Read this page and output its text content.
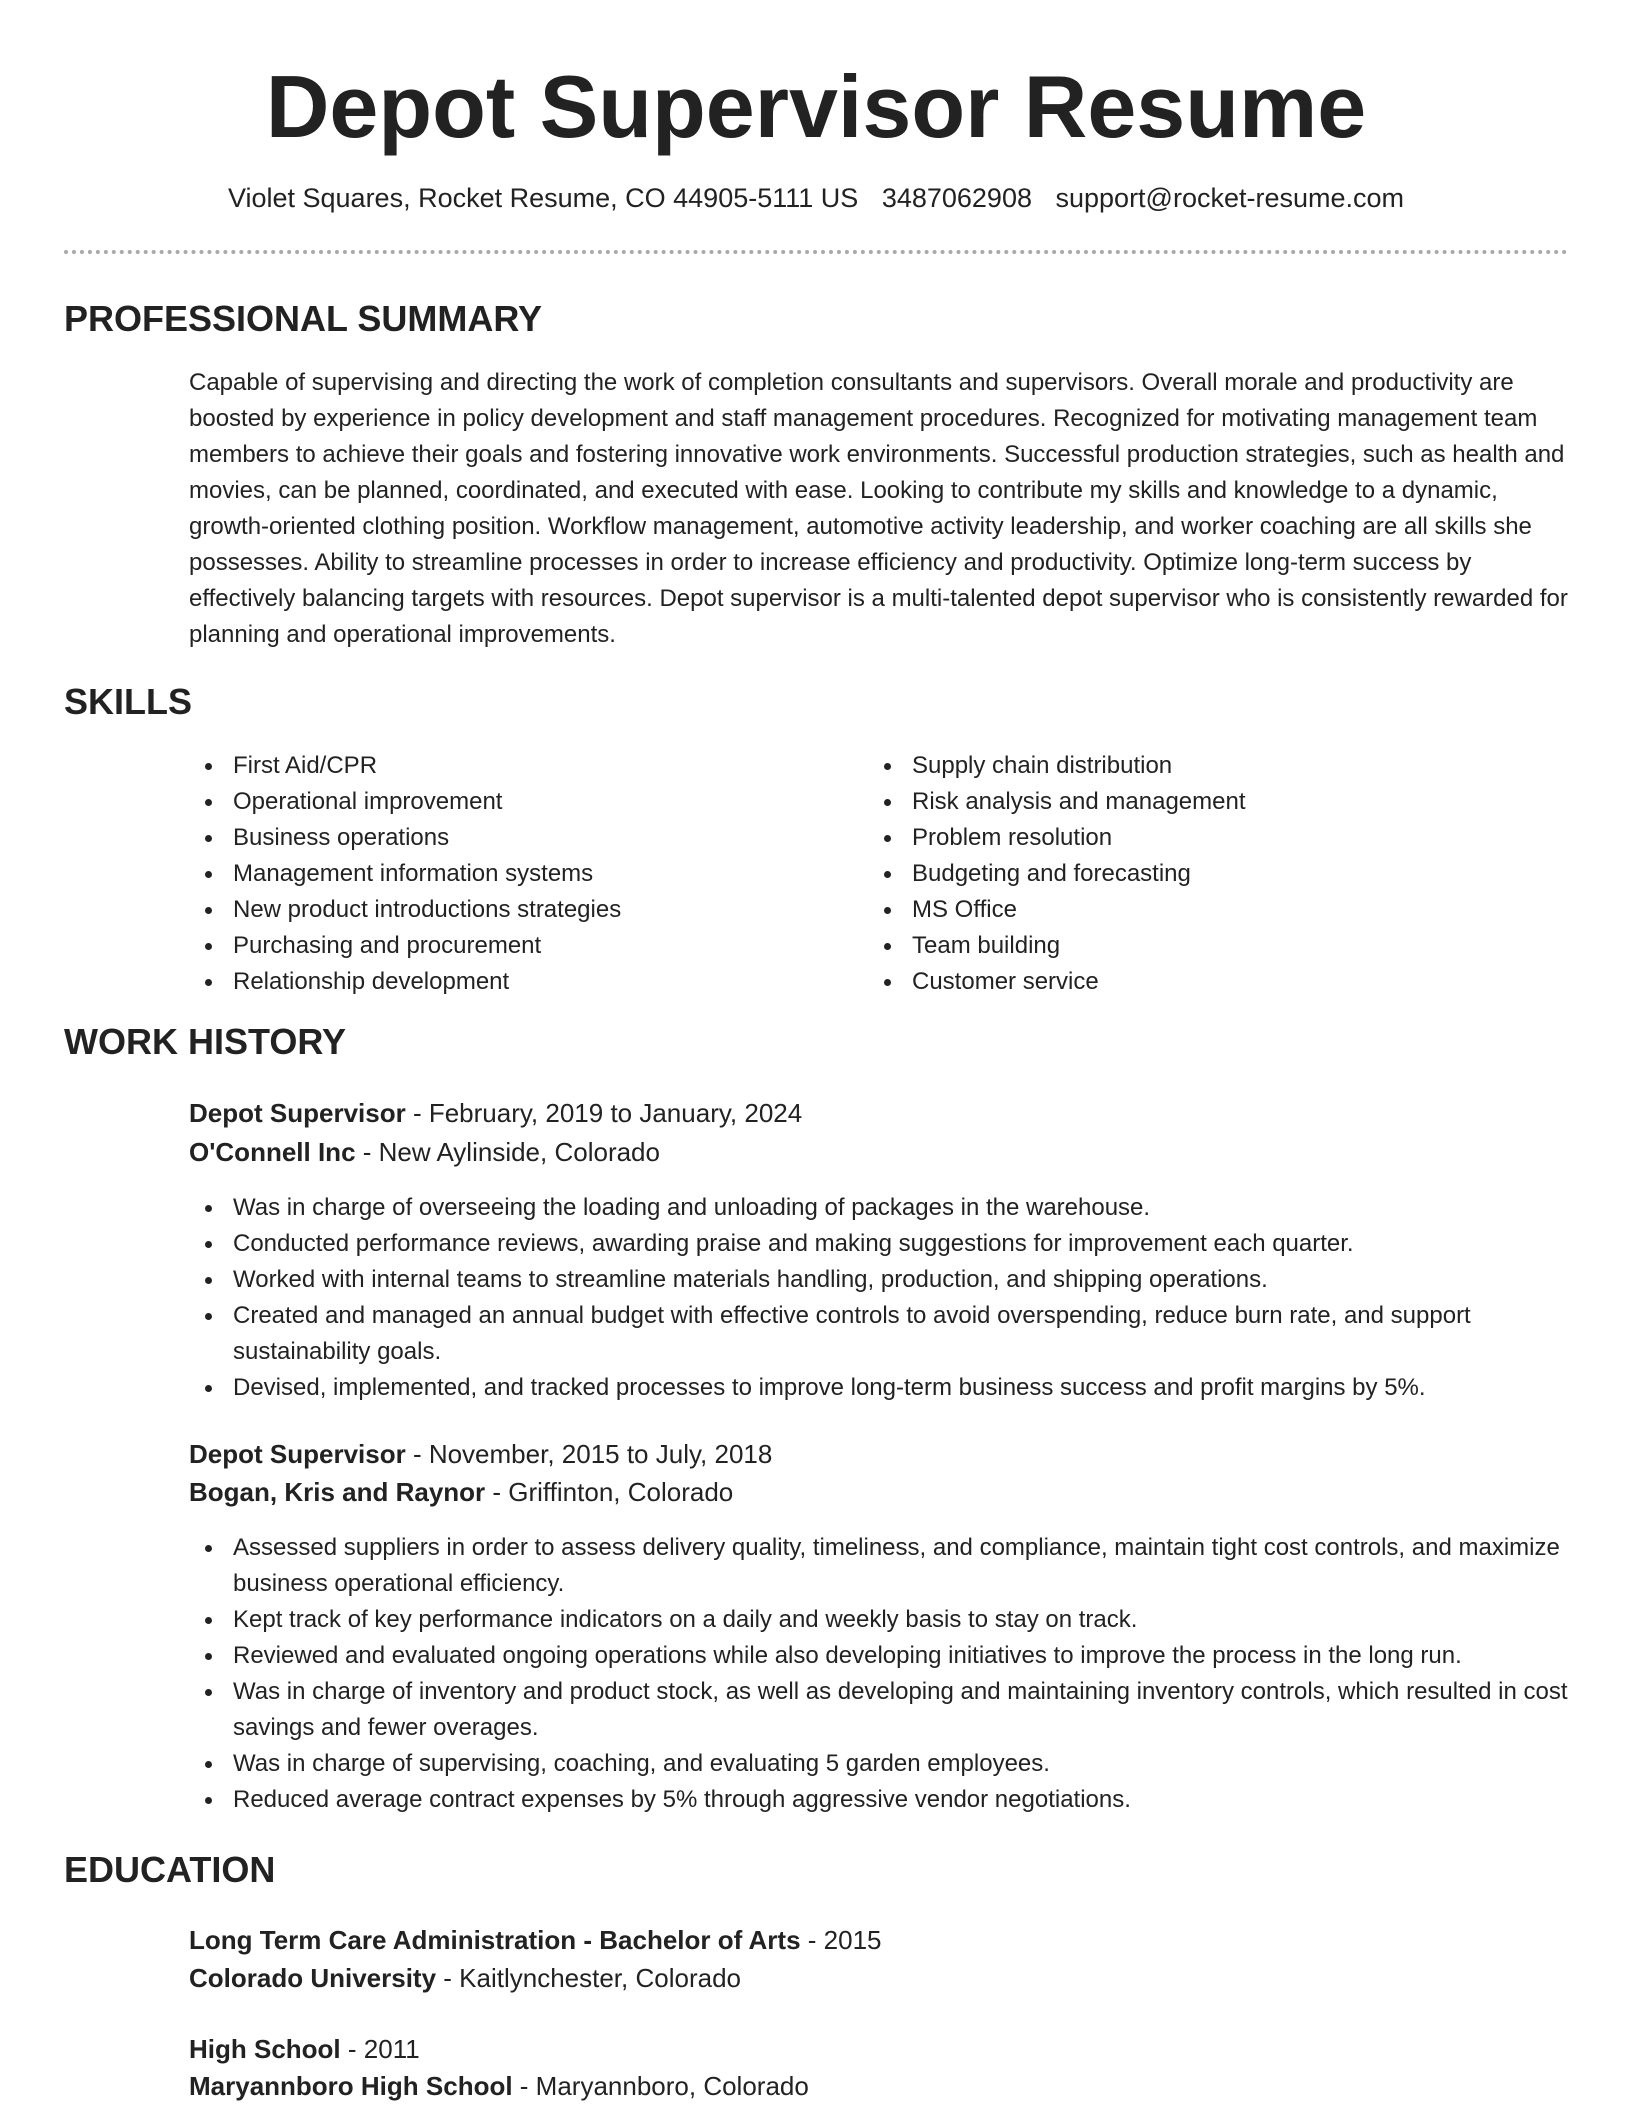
Depot Supervisor Resume
Violet Squares, Rocket Resume, CO 44905-5111 US 3487062908 support@rocket-resume.com
PROFESSIONAL SUMMARY

Capable of supervising and directing the work of completion consultants and supervisors. Overall morale and productivity are boosted by experience in policy development and staff management procedures. Recognized for motivating management team members to achieve their goals and fostering innovative work environments. Successful production strategies, such as health and movies, can be planned, coordinated, and executed with ease. Looking to contribute my skills and knowledge to a dynamic, growth-oriented clothing position. Workflow management, automotive activity leadership, and worker coaching are all skills she possesses. Ability to streamline processes in order to increase efficiency and productivity. Optimize long-term success by effectively balancing targets with resources. Depot supervisor is a multi-talented depot supervisor who is consistently rewarded for planning and operational improvements.

SKILLS
First Aid/CPR
Operational improvement
Business operations
Management information systems
New product introductions strategies
Purchasing and procurement
Relationship development
Supply chain distribution
Risk analysis and management
Problem resolution
Budgeting and forecasting
MS Office
Team building
Customer service
WORK HISTORY
Depot Supervisor - February, 2019 to January, 2024
O'Connell Inc - New Aylinside, Colorado
Was in charge of overseeing the loading and unloading of packages in the warehouse.
Conducted performance reviews, awarding praise and making suggestions for improvement each quarter.
Worked with internal teams to streamline materials handling, production, and shipping operations.
Created and managed an annual budget with effective controls to avoid overspending, reduce burn rate, and support sustainability goals.
Devised, implemented, and tracked processes to improve long-term business success and profit margins by 5%.
Depot Supervisor - November, 2015 to July, 2018
Bogan, Kris and Raynor - Griffinton, Colorado
Assessed suppliers in order to assess delivery quality, timeliness, and compliance, maintain tight cost controls, and maximize business operational efficiency.
Kept track of key performance indicators on a daily and weekly basis to stay on track.
Reviewed and evaluated ongoing operations while also developing initiatives to improve the process in the long run.
Was in charge of inventory and product stock, as well as developing and maintaining inventory controls, which resulted in cost savings and fewer overages.
Was in charge of supervising, coaching, and evaluating 5 garden employees.
Reduced average contract expenses by 5% through aggressive vendor negotiations.
EDUCATION
Long Term Care Administration - Bachelor of Arts - 2015
Colorado University - Kaitlynchester, Colorado
High School - 2011
Maryannboro High School - Maryannboro, Colorado
